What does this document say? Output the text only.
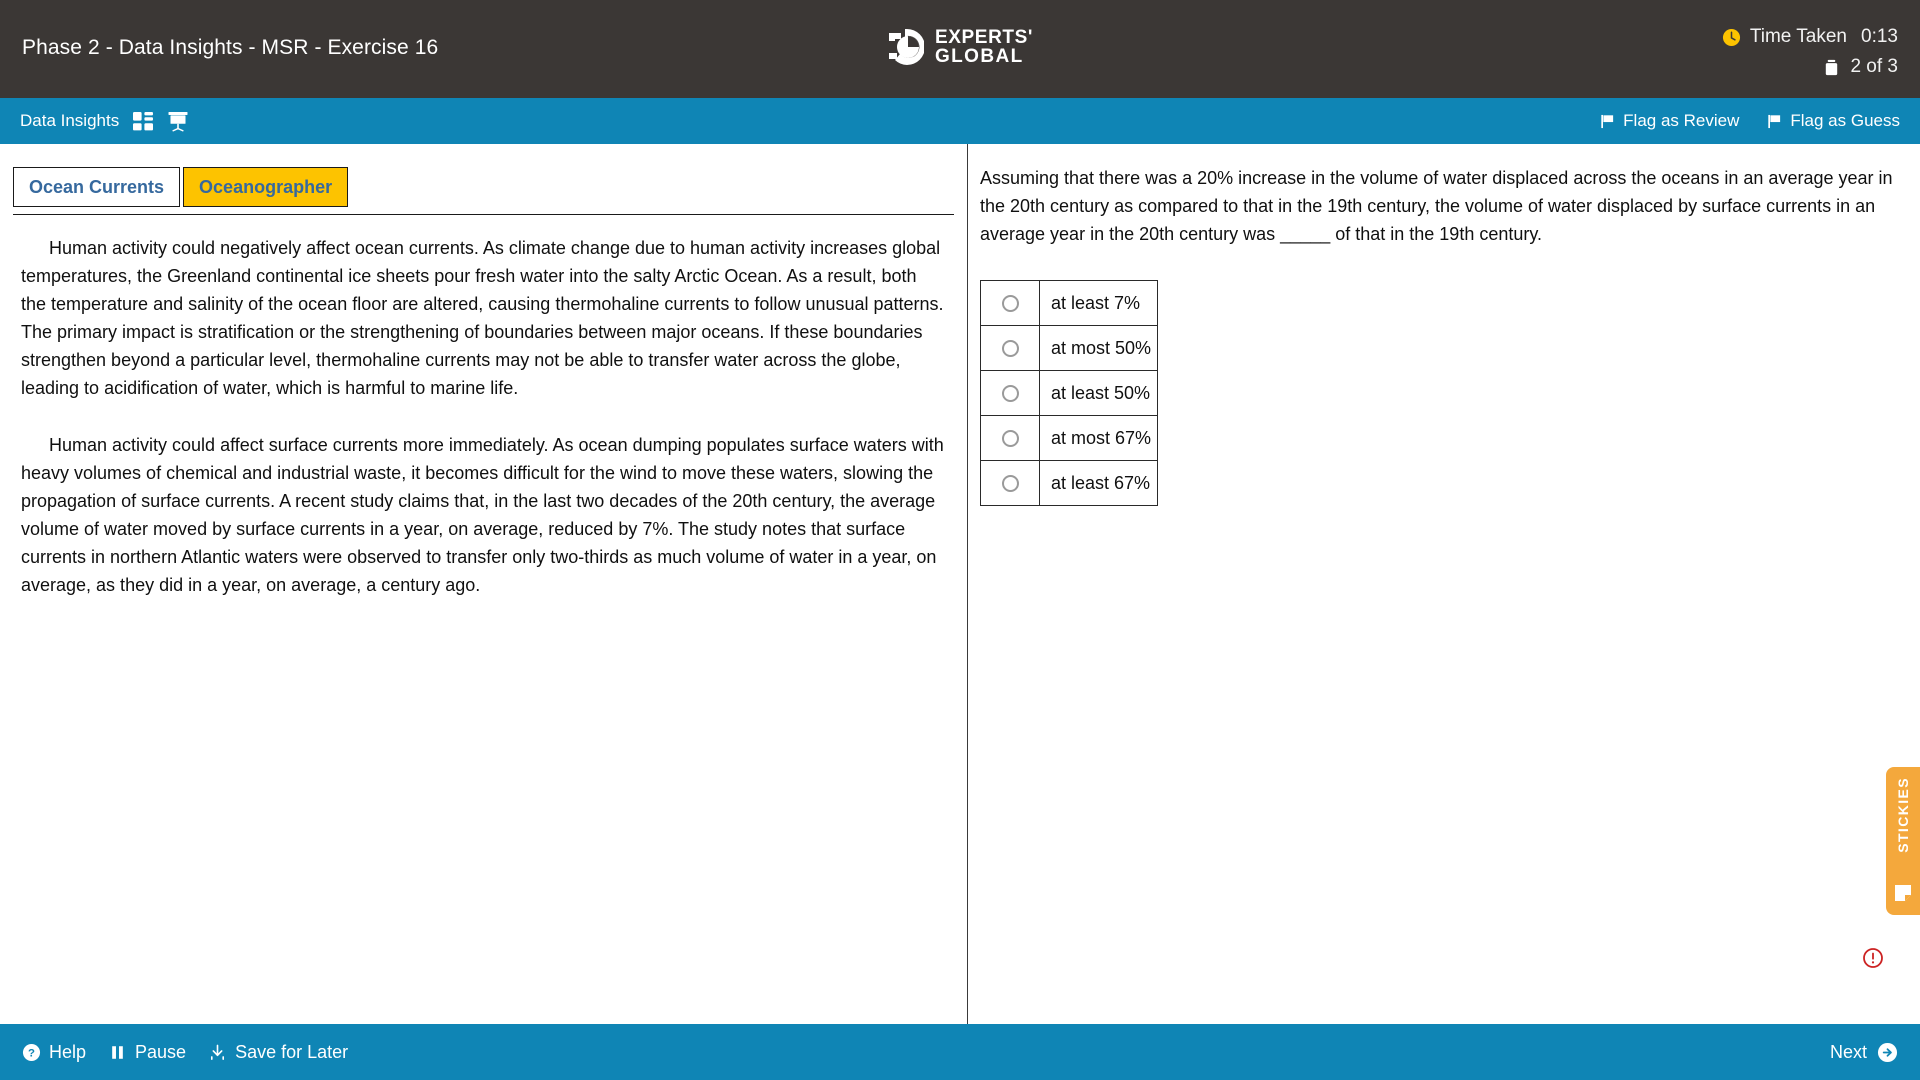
Phase 2 - Data Insights - MSR - Exercise 16	EXPERTS'
GLOBAL
Time Taken 0:13
2 of 3
Data Insights	Flag as Review	Flag as Guess
Ocean Currents	Oceanographer

Human activity could negatively affect ocean currents. As climate change due to human activity increases global temperatures, the Greenland continental ice sheets pour fresh water into the salty Arctic Ocean. As a result, both the temperature and salinity of the ocean floor are altered, causing thermohaline currents to follow unusual patterns. The primary impact is stratification or the strengthening of boundaries between major oceans. If these boundaries strengthen beyond a particular level, thermohaline currents may not be able to transfer water across the globe, leading to acidification of water, which is harmful to marine life.

Human activity could affect surface currents more immediately. As ocean dumping populates surface waters with heavy volumes of chemical and industrial waste, it becomes difficult for the wind to move these waters, slowing the propagation of surface currents. A recent study claims that, in the last two decades of the 20th century, the average volume of water moved by surface currents in a year, on average, reduced by 7%. The study notes that surface currents in northern Atlantic waters were observed to transfer only two-thirds as much volume of water in a year, on average, as they did in a year, on average, a century ago.

Assuming that there was a 20% increase in the volume of water displaced across the oceans in an average year in the 20th century as compared to that in the 19th century, the volume of water displaced by surface currents in an average year in the 20th century was _____ of that in the 19th century.
at least 7%
at most 50%
at least 50%
at most 67%
at least 67%
STICKIES
? Help	Pause	Save for Later	Next
